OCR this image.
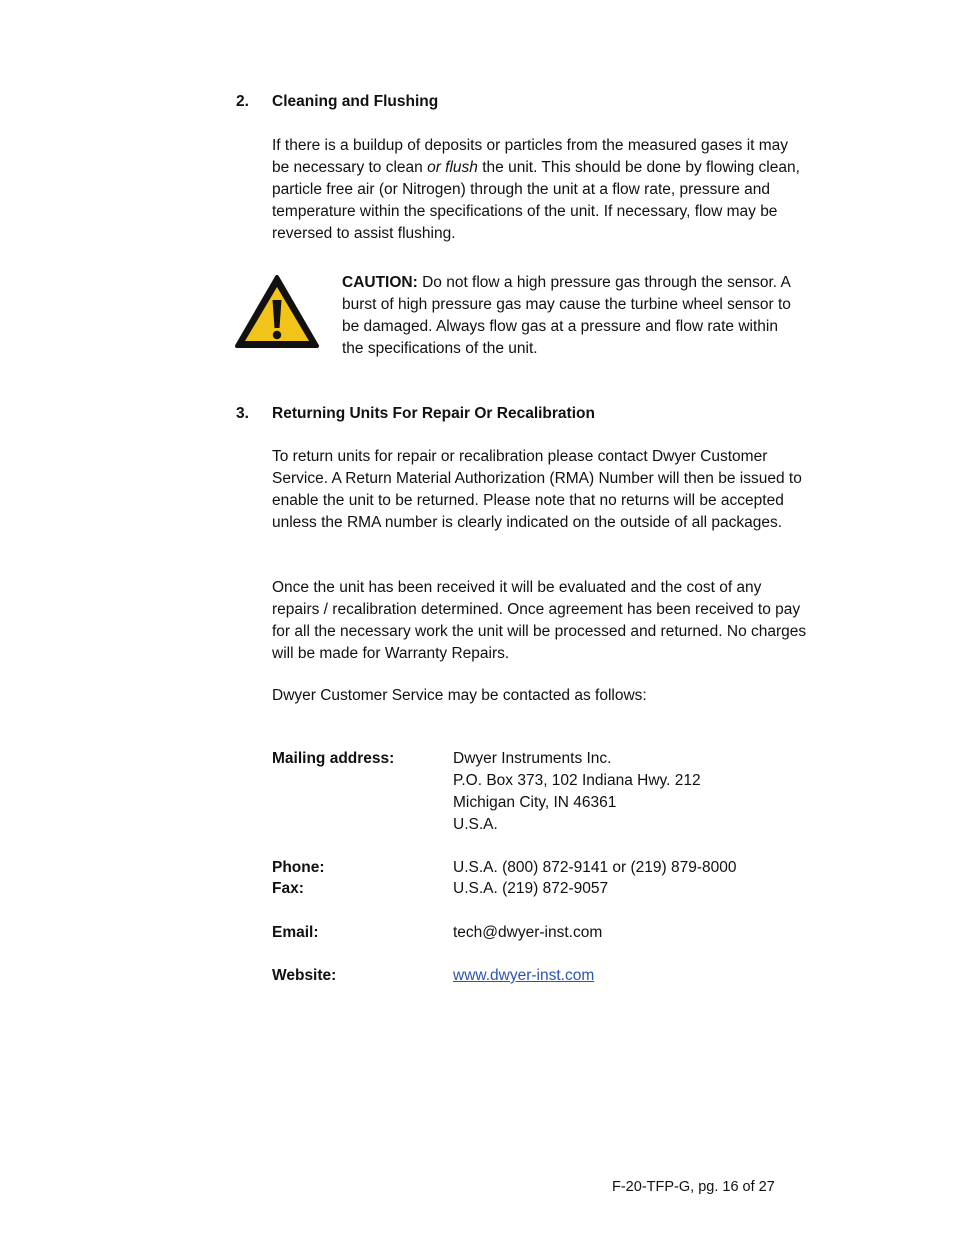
2.	Cleaning and Flushing
If there is a buildup of deposits or particles from the measured gases it may be necessary to clean or flush the unit. This should be done by flowing clean, particle free air (or Nitrogen) through the unit at a flow rate, pressure and temperature within the specifications of the unit. If necessary, flow may be reversed to assist flushing.
CAUTION: Do not flow a high pressure gas through the sensor. A burst of high pressure gas may cause the turbine wheel sensor to be damaged. Always flow gas at a pressure and flow rate within the specifications of the unit.
3.	Returning Units For Repair Or Recalibration
To return units for repair or recalibration please contact Dwyer Customer Service. A Return Material Authorization (RMA) Number will then be issued to enable the unit to be returned. Please note that no returns will be accepted unless the RMA number is clearly indicated on the outside of all packages.
Once the unit has been received it will be evaluated and the cost of any repairs / recalibration determined. Once agreement has been received to pay for all the necessary work the unit will be processed and returned. No charges will be made for Warranty Repairs.
Dwyer Customer Service may be contacted as follows:
Mailing address:	Dwyer Instruments Inc.
P.O. Box 373, 102 Indiana Hwy. 212
Michigan City, IN 46361
U.S.A.
Phone:	U.S.A. (800) 872-9141 or (219) 879-8000
Fax:	U.S.A. (219) 872-9057
Email:	tech@dwyer-inst.com
Website:	www.dwyer-inst.com
F-20-TFP-G, pg. 16 of 27
